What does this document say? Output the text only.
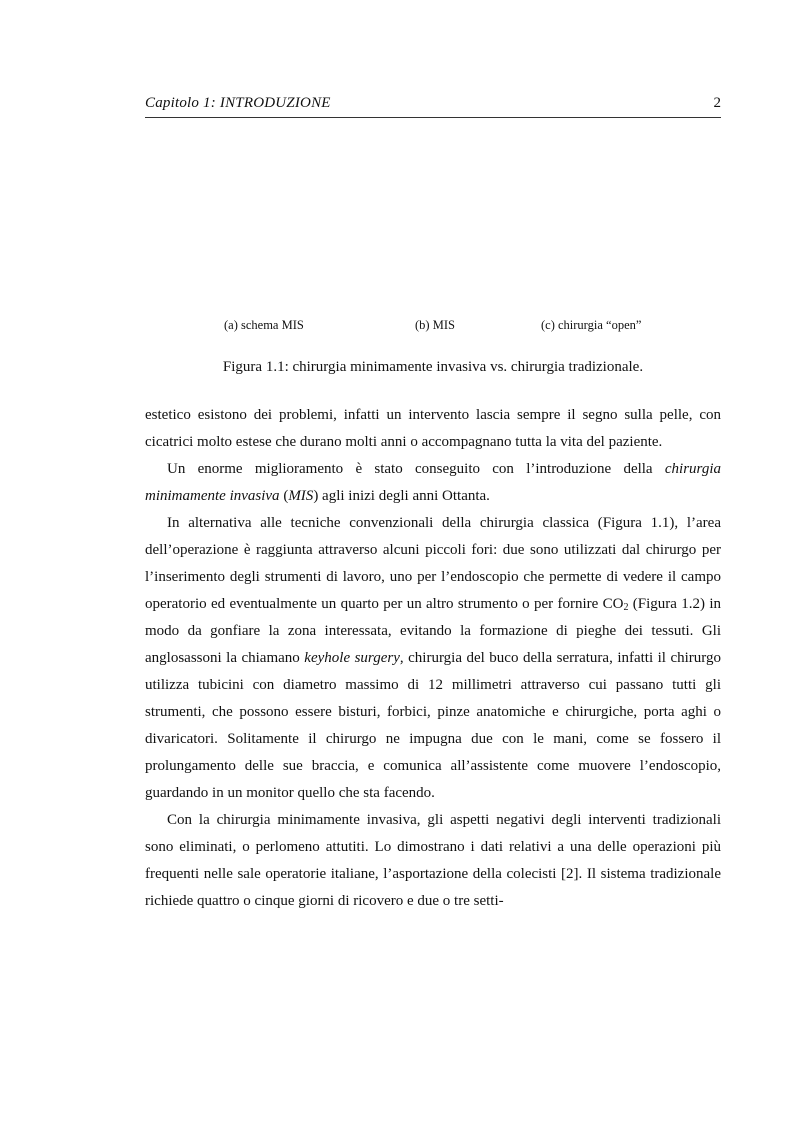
Capitolo 1: INTRODUZIONE	2
(a) schema MIS	(b) MIS	(c) chirurgia “open”
Figura 1.1: chirurgia minimamente invasiva vs. chirurgia tradizionale.

estetico esistono dei problemi, infatti un intervento lascia sempre il segno sulla pelle, con cicatrici molto estese che durano molti anni o accompagnano tutta la vita del paziente.

Un enorme miglioramento è stato conseguito con l’introduzione della chirurgia minimamente invasiva (MIS) agli inizi degli anni Ottanta.

In alternativa alle tecniche convenzionali della chirurgia classica (Figura 1.1), l’area dell’operazione è raggiunta attraverso alcuni piccoli fori: due sono utilizzati dal chirurgo per l’inserimento degli strumenti di lavoro, uno per l’endoscopio che permette di vedere il campo operatorio ed eventualmente un quarto per un altro strumento o per fornire $CO_2$ (Figura 1.2) in modo da gonfiare la zona interessata, evitando la formazione di pieghe dei tessuti. Gli anglosassoni la chiamano keyhole surgery, chirurgia del buco della serratura, infatti il chirurgo utilizza tubicini con diametro massimo di 12 millimetri attraverso cui passano tutti gli strumenti, che possono essere bisturi, forbici, pinze anatomiche e chirurgiche, porta aghi o divaricatori. Solitamente il chirurgo ne impugna due con le mani, come se fossero il prolungamento delle sue braccia, e comunica all’assistente come muovere l’endoscopio, guardando in un monitor quello che sta facendo.

Con la chirurgia minimamente invasiva, gli aspetti negativi degli interventi tradizionali sono eliminati, o perlomeno attutiti. Lo dimostrano i dati relativi a una delle operazioni più frequenti nelle sale operatorie italiane, l’asportazione della colecisti [2]. Il sistema tradizionale richiede quattro o cinque giorni di ricovero e due o tre setti-
